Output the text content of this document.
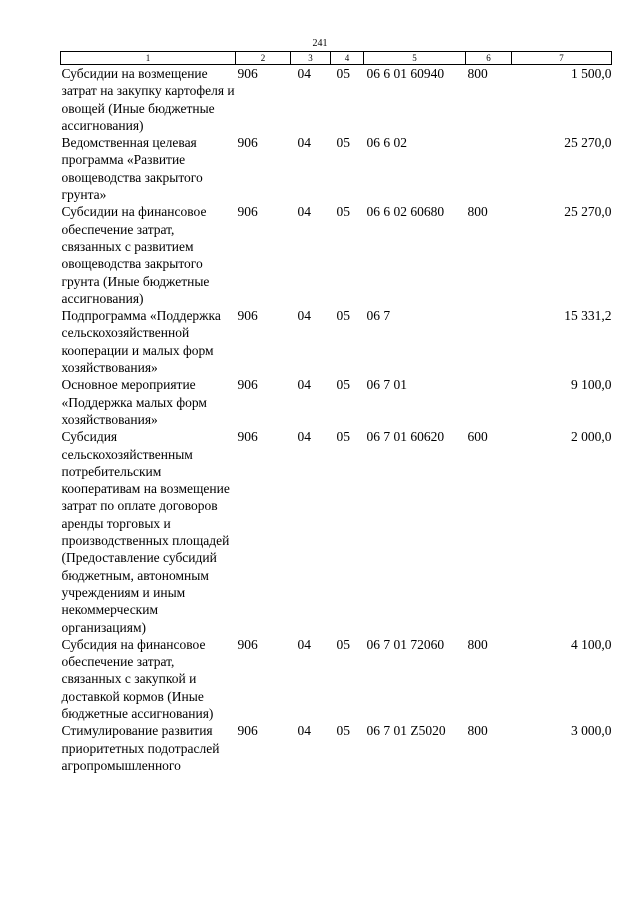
241
1	2	3	4	5	6	7
Субсидии на возмещение затрат на закупку картофеля и овощей (Иные бюджетные ассигнования)	906	04	05	06 6 01 60940	800	1 500,0
Ведомственная целевая программа «Развитие овощеводства закрытого грунта»	906	04	05	06 6 02		25 270,0
Субсидии на финансовое обеспечение затрат, связанных с развитием овощеводства закрытого грунта (Иные бюджетные ассигнования)	906	04	05	06 6 02 60680	800	25 270,0
Подпрограмма «Поддержка сельскохозяйственной кооперации и малых форм хозяйствования»	906	04	05	06 7		15 331,2
Основное мероприятие «Поддержка малых форм хозяйствования»	906	04	05	06 7 01		9 100,0
Субсидия сельскохозяйственным потребительским кооперативам на возмещение затрат по оплате договоров аренды торговых и производственных площадей (Предоставление субсидий бюджетным, автономным учреждениям и иным некоммерческим организациям)	906	04	05	06 7 01 60620	600	2 000,0
Субсидия на финансовое обеспечение затрат, связанных с закупкой и доставкой кормов (Иные бюджетные ассигнования)	906	04	05	06 7 01 72060	800	4 100,0
Стимулирование развития приоритетных подотраслей агропромышленного	906	04	05	06 7 01 Z5020	800	3 000,0
